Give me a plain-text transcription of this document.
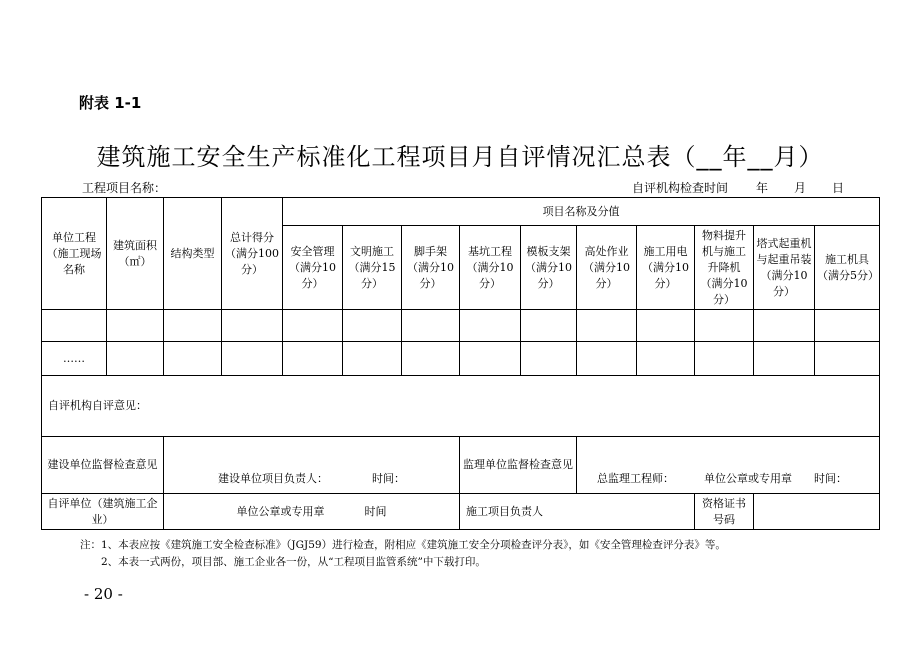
附表 1-1
建筑施工安全生产标准化工程项目月自评情况汇总表（__年__月）
工程项目名称：	自评机构检查时间 年 月 日
单位工程（施工现场名称	建筑面积（㎡）	结构类型	总计得分（满分100分）	项目名称及分值									
				安全管理（满分10分）	文明施工（满分15分）	脚手架（满分10分）	基坑工程（满分10分）	模板支架（满分10分）	高处作业（满分10分）	施工用电（满分10分）	物料提升机与施工升降机（满分10分）	塔式起重机与起重吊装（满分10分）	施工机具（满分5分）

……													
自评机构自评意见：													
建设单位监督检查意见		建设单位项目负责人： 时间：					监理单位监督检查意见		总监理工程师： 单位公章或专用章 时间：				
自评单位（建筑施工企业）		单位公章或专用章 时间					施工项目负责人				资格证书号码		
注：1、本表应按《建筑施工安全检查标准》（JGJ59）进行检查，附相应《建筑施工安全分项检查评分表》，如《安全管理检查评分表》等。
2、本表一式两份，项目部、施工企业各一份，从“工程项目监管系统”中下载打印。
- 20 -
